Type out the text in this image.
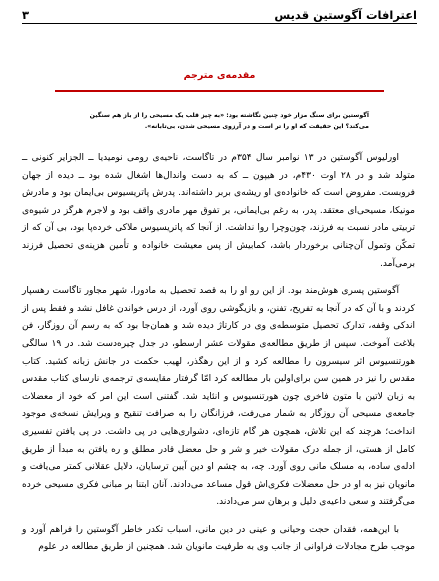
اعترافات آگوستین قدیس
۳
مقدمه‌ی مترجم
آگوستین برای سنگ مزار خود چنین نگاشته بود: «به چیز قلب یک مسیحی را از باز هم سنگین می‌کند؟ این حقیقت که او را تر است و در آرزوی مسیحی شدن، بی‌تابانه».

اورلیوس آگوستین در ۱۳ نوامبر سال ۳۵۴م در تاگاست، ناحیه‌ی رومی نومیدیا ــ الجزایر کنونی ــ متولد شد و در ۲۸ اوت ۴۳۰م، در هیپون ــ که به دست واندال‌ها اشغال شده بود ــ دیده از جهان فروبست. مفروض است که خانواده‌ی او ریشه‌ی بربر داشته‌اند. پدرش پاتریسیوس بی‌ایمان بود و مادرش مونیکا، مسیحی‌ای معتقد. پدر، به رغم بی‌ایمانی، بر تفوق مهر مادری واقف بود و لاجرم هرگز در شیوه‌ی تربیتی مادر نسبت به فرزند، چون‌وچرا روا نداشت. از آنجا که پاتریسیوس ملاکی خرده‌پا بود، بی آن که از تمکّن وتمول آن‌چنانی برخوردار باشد، کمابیش از پس معیشت خانواده و تأمین هزینه‌ی تحصیل فرزند برمی‌آمد.

آگوستین پسری هوش‌مند بود. از این رو او را به قصد تحصیل به مادورا، شهر مجاور تاگاست رهسپار کردند و با آن که در آنجا به تفریح، تفنن، و بازیگوشی روی آورد، از درس خواندن غافل نشد و فقط پس از اندکی وقفه، تدارک تحصیل متوسطه‌ی وی در کارتاژ دیده شد و همان‌جا بود که به رسم آن روزگار، فن بلاغت آموخت. سپس از طریق مطالعه‌ی مقولات عشر ارسطو، در جدل چیره‌دست شد. در ۱۹ سالگی هورتنسیوس اثر سیسرون را مطالعه کرد و از این رهگذر، لهیب حکمت در جانش زبانه کشید. کتاب مقدس را نیز در همین سن برای‌اولین بار مطالعه کرد امّا گرفتار مقایسه‌ی ترجمه‌ی نارسای کتاب مقدس به زبان لاتین با متون فاخری چون هورتنسیوس و انئاید شد. گفتنی است این امر که خود از معضلات جامعه‌ی مسیحی آن روزگار به شمار می‌رفت، فرزانگان را به صرافت تنقیح و ویرایش نسخه‌ی موجود انداخت؛ هرچند که این تلاش، همچون هر گام تازه‌ای، دشواری‌هایی در پی داشت. در پی یافتن تفسیری کامل از هستی، از جمله درک مقولات خیر و شر و حل معضل قادر مطلق و ره یافتن به مبدأ از طریق ادله‌ی ساده، به مسلک مانی روی آورد. چه، به چشم او دین آیین ترسایان، دلایل عقلانی کمتر می‌یافت و مانویان نیز به او در حل معضلات فکری‌اش قول مساعد می‌دادند. آنان ابتنا بر مبانی فکری مسیحی خرده می‌گرفتند و سعی داعیه‌ی دلیل و برهان سر می‌دادند.

با این‌همه، فقدان حجت وحیانی و عینی در دین مانی، اسباب تکدر خاطر آگوستین را فراهم آورد و موجب طرح مجادلات فراوانی از جانب وی به طرفیت مانویان شد. همچنین از طریق مطالعه در علوم
